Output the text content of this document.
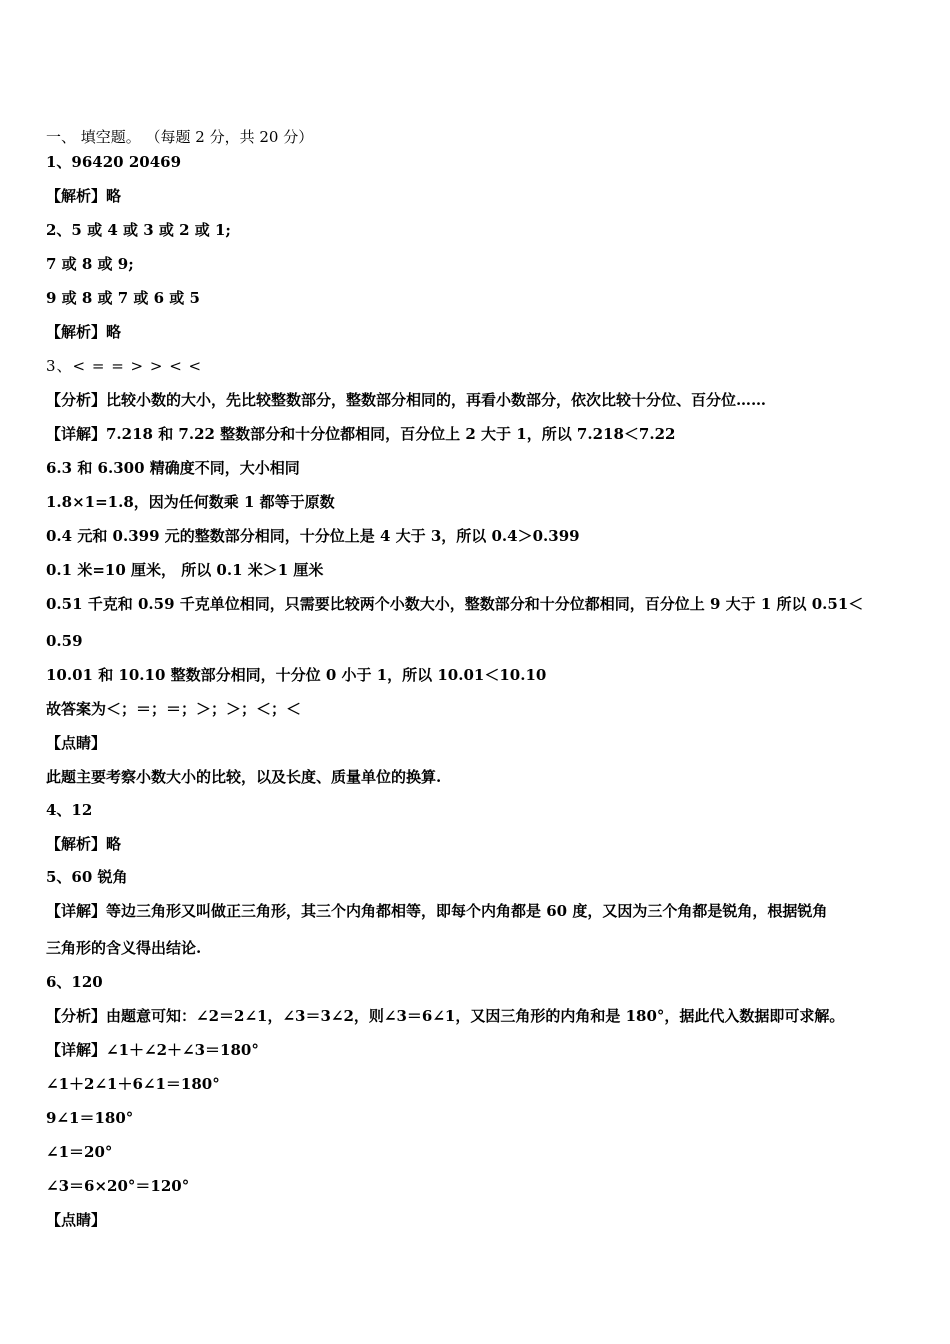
一、 填空题。 （每题 2 分，共 20 分）
1、96420 20469
【解析】略
2、5 或 4 或 3 或 2 或 1;
7 或 8 或 9;
9 或 8 或 7 或 6 或 5
【解析】略
3、< = = > > < <
【分析】比较小数的大小，先比较整数部分，整数部分相同的，再看小数部分，依次比较十分位、百分位……
【详解】7.218 和 7.22 整数部分和十分位都相同，百分位上 2 大于 1，所以 7.218＜7.22
6.3 和 6.300 精确度不同，大小相同
1.8×1=1.8，因为任何数乘 1 都等于原数
0.4 元和 0.399 元的整数部分相同，十分位上是 4 大于 3，所以 0.4＞0.399
0.1 米=10 厘米， 所以 0.1 米＞1 厘米
0.51 千克和 0.59 千克单位相同，只需要比较两个小数大小，整数部分和十分位都相同，百分位上 9 大于 1 所以 0.51＜
0.59
10.01 和 10.10 整数部分相同，十分位 0 小于 1，所以 10.01＜10.10
故答案为＜；＝；＝；＞；＞；＜；＜
【点睛】
此题主要考察小数大小的比较，以及长度、质量单位的换算.
4、12
【解析】略
5、60 锐角
【详解】等边三角形又叫做正三角形，其三个内角都相等，即每个内角都是 60 度，又因为三个角都是锐角，根据锐角
三角形的含义得出结论.
6、120
【分析】由题意可知：∠2＝2∠1，∠3＝3∠2，则∠3＝6∠1，又因三角形的内角和是 180°，据此代入数据即可求解。
【详解】∠1＋∠2＋∠3＝180°
∠1＋2∠1＋6∠1＝180°
9∠1＝180°
∠1＝20°
∠3＝6×20°＝120°
【点睛】
